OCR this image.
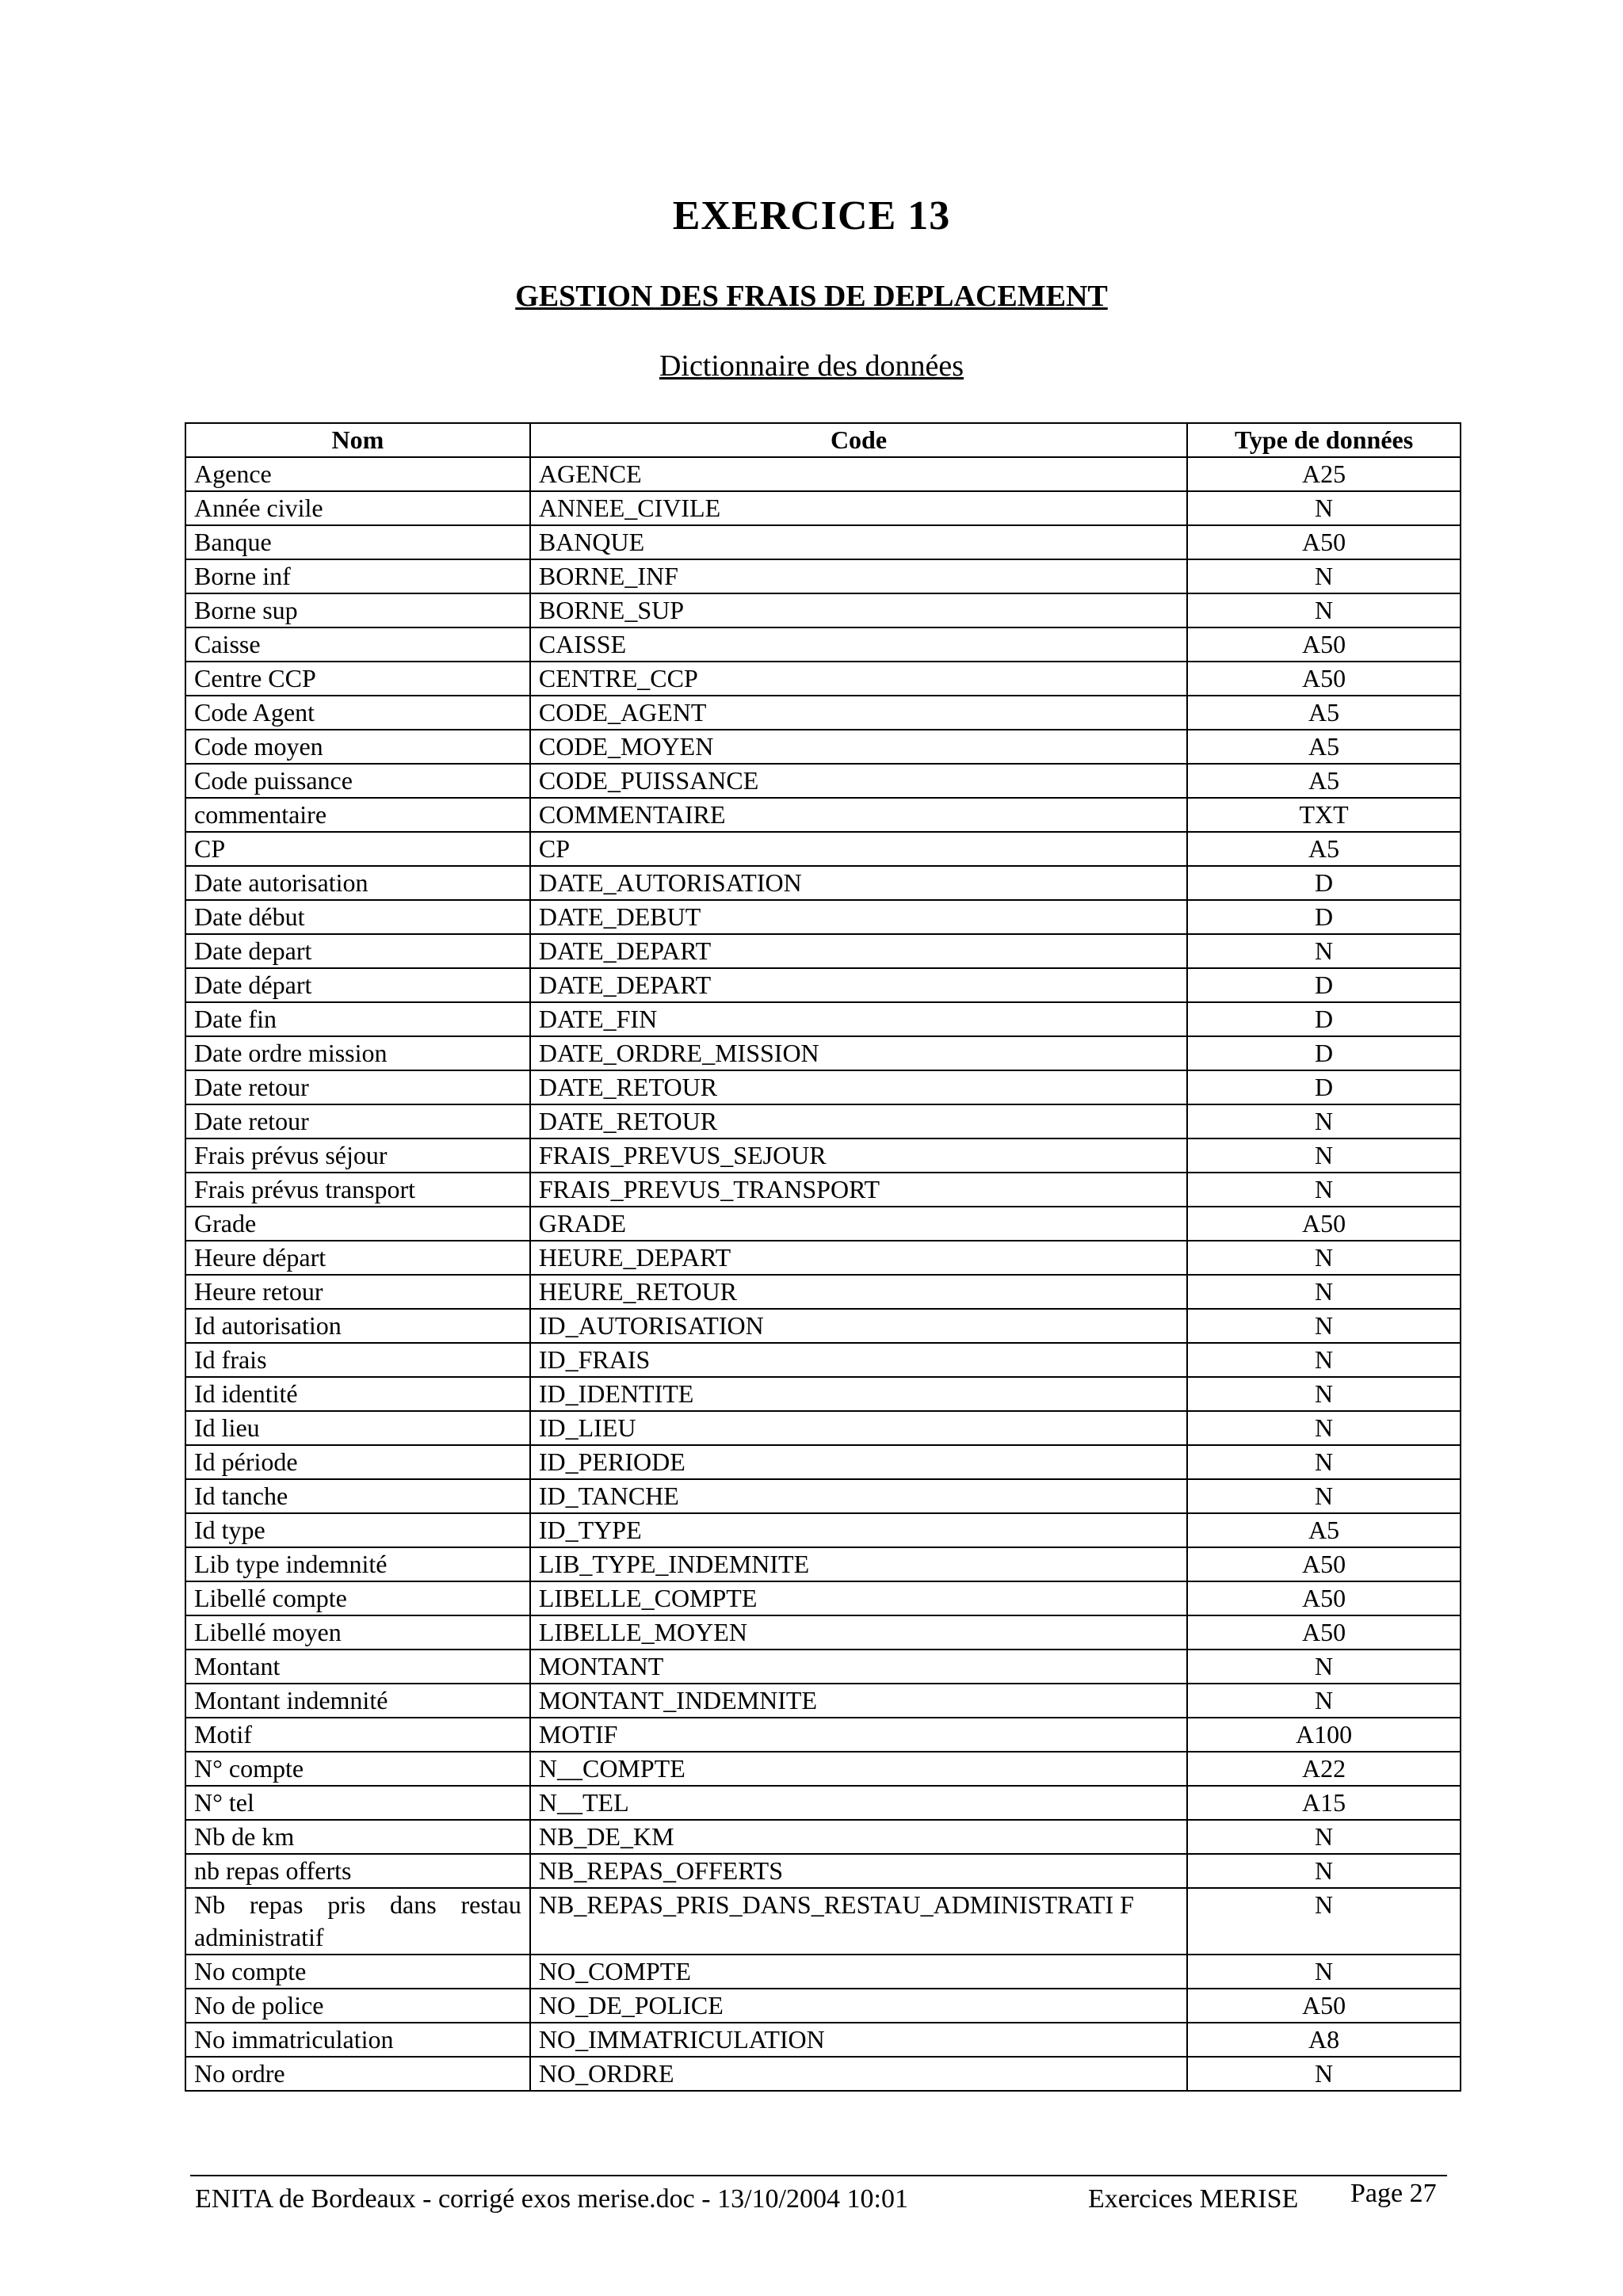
EXERCICE 13
GESTION DES FRAIS DE DEPLACEMENT
Dictionnaire des données
Nom	Code	Type de données
Agence	AGENCE	A25
Année civile	ANNEE_CIVILE	N
Banque	BANQUE	A50
Borne inf	BORNE_INF	N
Borne sup	BORNE_SUP	N
Caisse	CAISSE	A50
Centre CCP	CENTRE_CCP	A50
Code Agent	CODE_AGENT	A5
Code moyen	CODE_MOYEN	A5
Code puissance	CODE_PUISSANCE	A5
commentaire	COMMENTAIRE	TXT
CP	CP	A5
Date autorisation	DATE_AUTORISATION	D
Date début	DATE_DEBUT	D
Date depart	DATE_DEPART	N
Date départ	DATE_DEPART	D
Date fin	DATE_FIN	D
Date ordre mission	DATE_ORDRE_MISSION	D
Date retour	DATE_RETOUR	D
Date retour	DATE_RETOUR	N
Frais prévus séjour	FRAIS_PREVUS_SEJOUR	N
Frais prévus transport	FRAIS_PREVUS_TRANSPORT	N
Grade	GRADE	A50
Heure départ	HEURE_DEPART	N
Heure retour	HEURE_RETOUR	N
Id autorisation	ID_AUTORISATION	N
Id frais	ID_FRAIS	N
Id identité	ID_IDENTITE	N
Id lieu	ID_LIEU	N
Id période	ID_PERIODE	N
Id tanche	ID_TANCHE	N
Id type	ID_TYPE	A5
Lib type indemnité	LIB_TYPE_INDEMNITE	A50
Libellé compte	LIBELLE_COMPTE	A50
Libellé moyen	LIBELLE_MOYEN	A50
Montant	MONTANT	N
Montant indemnité	MONTANT_INDEMNITE	N
Motif	MOTIF	A100
N° compte	N__COMPTE	A22
N° tel	N__TEL	A15
Nb de km	NB_DE_KM	N
nb repas offerts	NB_REPAS_OFFERTS	N
Nb repas pris dans restau administratif	NB_REPAS_PRIS_DANS_RESTAU_ADMINISTRATI F	N
No compte	NO_COMPTE	N
No de police	NO_DE_POLICE	A50
No immatriculation	NO_IMMATRICULATION	A8
No ordre	NO_ORDRE	N
ENITA de Bordeaux - corrigé exos merise.doc - 13/10/2004 10:01	Exercices MERISE Page 27
